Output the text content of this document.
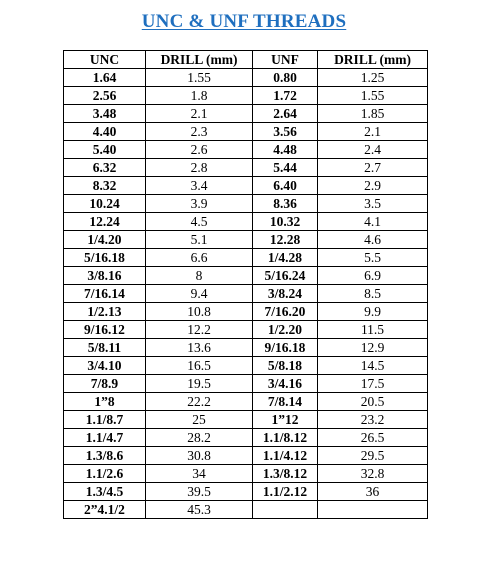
UNC & UNF THREADS
UNC	DRILL (mm)	UNF	DRILL (mm)
1.64	1.55	0.80	1.25
2.56	1.8	1.72	1.55
3.48	2.1	2.64	1.85
4.40	2.3	3.56	2.1
5.40	2.6	4.48	2.4
6.32	2.8	5.44	2.7
8.32	3.4	6.40	2.9
10.24	3.9	8.36	3.5
12.24	4.5	10.32	4.1
1/4.20	5.1	12.28	4.6
5/16.18	6.6	1/4.28	5.5
3/8.16	8	5/16.24	6.9
7/16.14	9.4	3/8.24	8.5
1/2.13	10.8	7/16.20	9.9
9/16.12	12.2	1/2.20	11.5
5/8.11	13.6	9/16.18	12.9
3/4.10	16.5	5/8.18	14.5
7/8.9	19.5	3/4.16	17.5
1”8	22.2	7/8.14	20.5
1.1/8.7	25	1”12	23.2
1.1/4.7	28.2	1.1/8.12	26.5
1.3/8.6	30.8	1.1/4.12	29.5
1.1/2.6	34	1.3/8.12	32.8
1.3/4.5	39.5	1.1/2.12	36
2”4.1/2	45.3		
